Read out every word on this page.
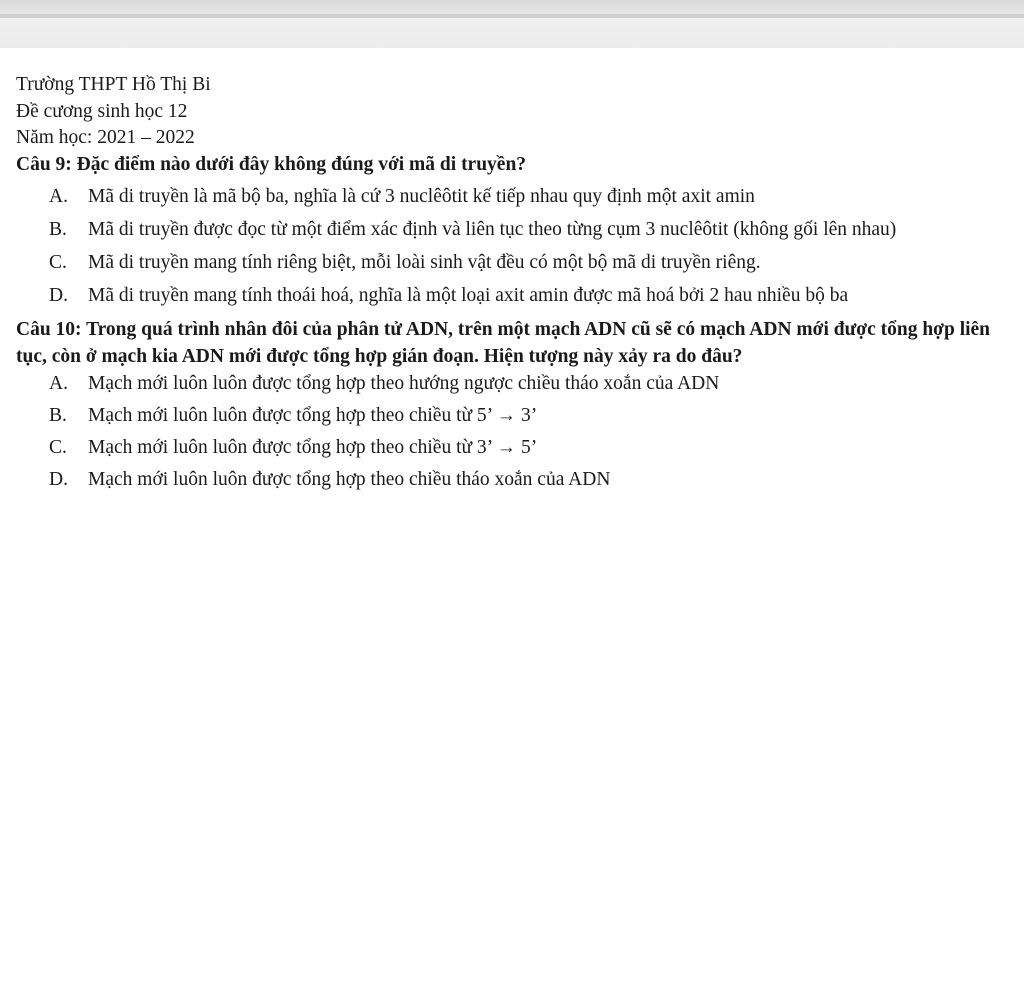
Trường THPT Hồ Thị Bi

Đề cương sinh học 12

Năm học: 2021 – 2022

Câu 9: Đặc điểm nào dưới đây không đúng với mã di truyền?

A. Mã di truyền là mã bộ ba, nghĩa là cứ 3 nuclêôtit kế tiếp nhau quy định một axit amin
B. Mã di truyền được đọc từ một điểm xác định và liên tục theo từng cụm 3 nuclêôtit (không gối lên nhau)
C. Mã di truyền mang tính riêng biệt, mỗi loài sinh vật đều có một bộ mã di truyền riêng.
D. Mã di truyền mang tính thoái hoá, nghĩa là một loại axit amin được mã hoá bởi 2 hau nhiều bộ ba

Câu 10: Trong quá trình nhân đôi của phân tử ADN, trên một mạch ADN cũ sẽ có mạch ADN mới được tổng hợp liên tục, còn ở mạch kia ADN mới được tổng hợp gián đoạn. Hiện tượng này xảy ra do đâu?

A. Mạch mới luôn luôn được tổng hợp theo hướng ngược chiều tháo xoắn của ADN
B. Mạch mới luôn luôn được tổng hợp theo chiều từ 5’ → 3’
C. Mạch mới luôn luôn được tổng hợp theo chiều từ 3’ → 5’
D. Mạch mới luôn luôn được tổng hợp theo chiều tháo xoắn của ADN
